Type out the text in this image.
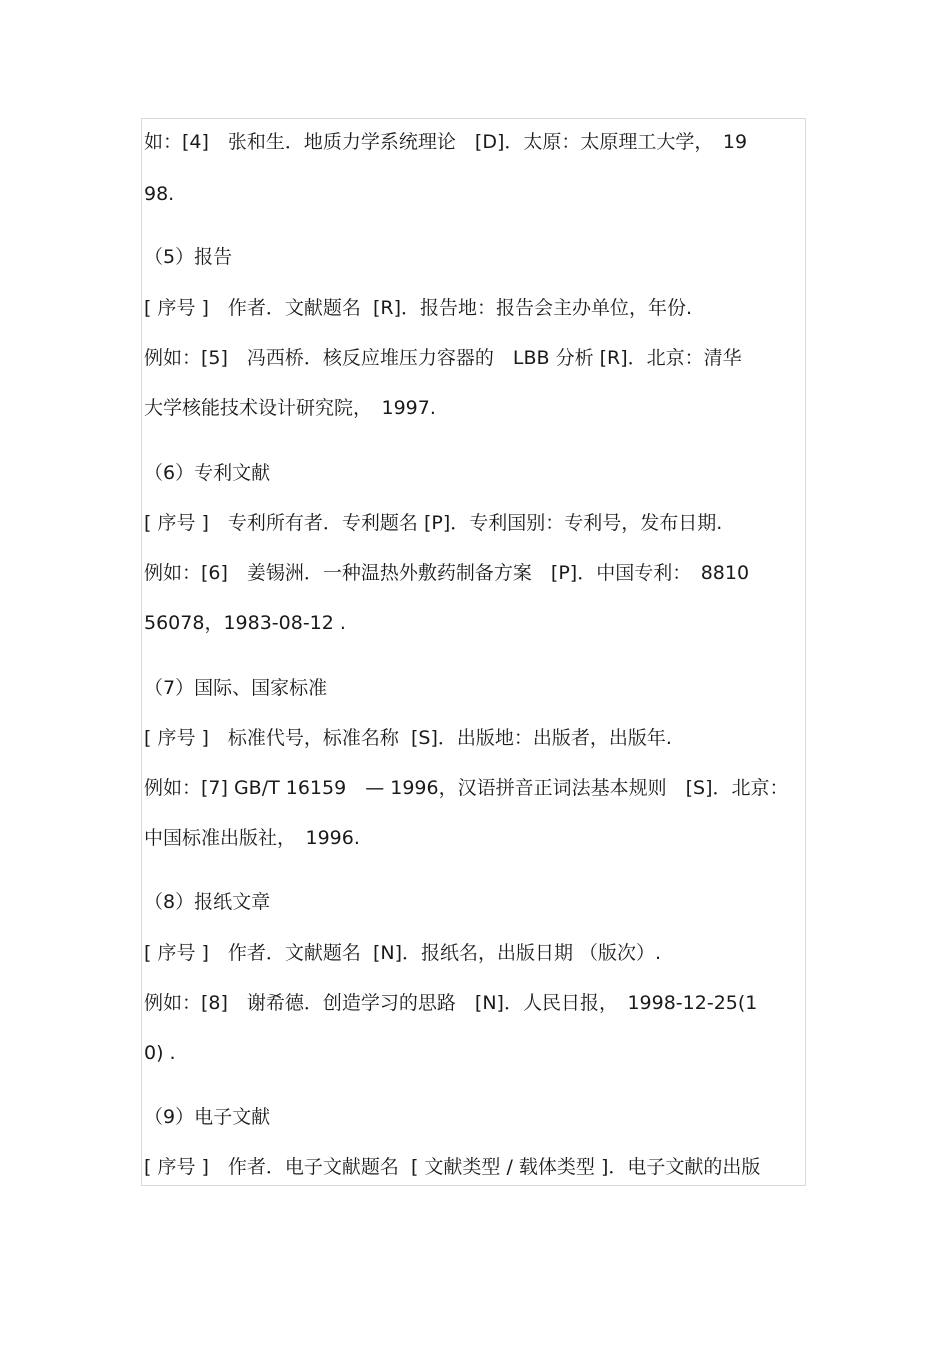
如：[4]　张和生．地质力学系统理论　[D]．太原：太原理工大学，　19
98.
（5）报告
[ 序号 ]　作者．文献题名  [R]．报告地：报告会主办单位，年份.
例如：[5]　冯西桥．核反应堆压力容器的　LBB 分析 [R]．北京：清华
大学核能技术设计研究院，　1997.
（6）专利文献
[ 序号 ]　专利所有者．专利题名 [P]．专利国别：专利号，发布日期.
例如：[6]　姜锡洲．一种温热外敷药制备方案　[P]．中国专利：　8810
56078，1983-08-12 .
（7）国际、国家标准
[ 序号 ]　标准代号，标准名称  [S]．出版地：出版者，出版年.
例如：[7] GB/T 16159　— 1996，汉语拼音正词法基本规则　[S]．北京：
中国标准出版社，　1996.
（8）报纸文章
[ 序号 ]　作者．文献题名  [N]．报纸名，出版日期 （版次）.
例如：[8]　谢希德．创造学习的思路　[N]．人民日报，　1998-12-25(1
0) .
（9）电子文献
[ 序号 ]　作者．电子文献题名  [ 文献类型 / 载体类型 ]．电子文献的出版
